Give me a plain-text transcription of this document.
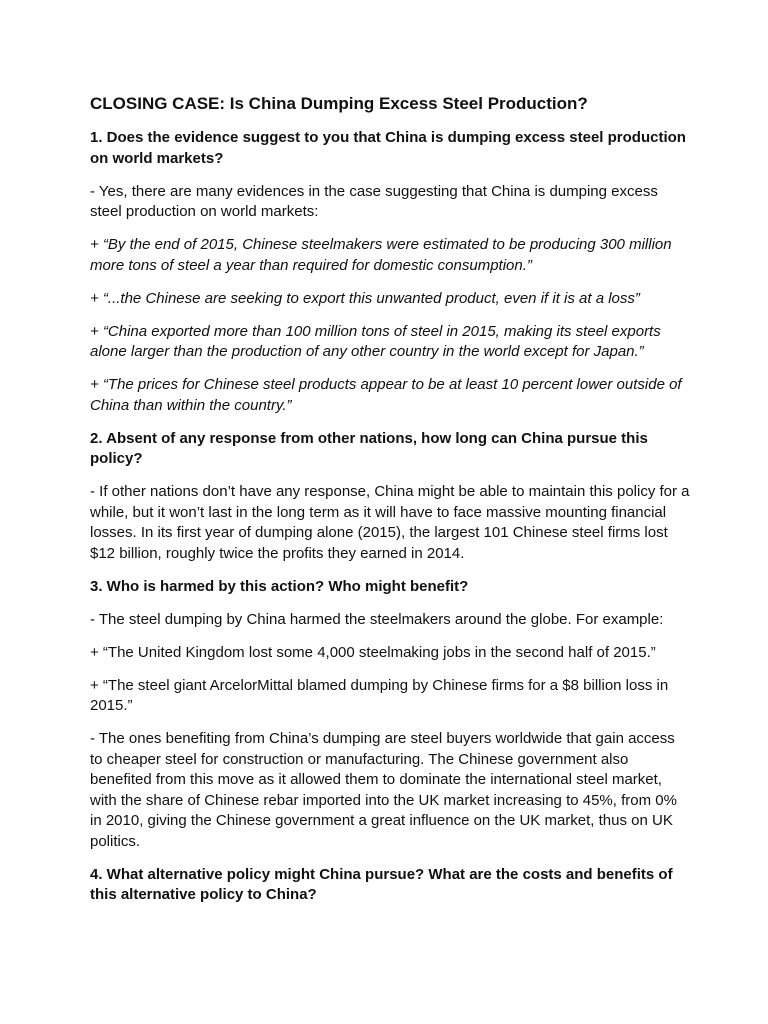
CLOSING CASE: Is China Dumping Excess Steel Production?
1. Does the evidence suggest to you that China is dumping excess steel production on world markets?
- Yes, there are many evidences in the case suggesting that China is dumping excess steel production on world markets:
+ “By the end of 2015, Chinese steelmakers were estimated to be producing 300 million more tons of steel a year than required for domestic consumption.”
+ “...the Chinese are seeking to export this unwanted product, even if it is at a loss”
+ “China exported more than 100 million tons of steel in 2015, making its steel exports alone larger than the production of any other country in the world except for Japan.”
+ “The prices for Chinese steel products appear to be at least 10 percent lower outside of China than within the country.”
2. Absent of any response from other nations, how long can China pursue this policy?
- If other nations don’t have any response, China might be able to maintain this policy for a while, but it won’t last in the long term as it will have to face massive mounting financial losses. In its first year of dumping alone (2015), the largest 101 Chinese steel firms lost $12 billion, roughly twice the profits they earned in 2014.
3. Who is harmed by this action? Who might benefit?
- The steel dumping by China harmed the steelmakers around the globe. For example:
+ “The United Kingdom lost some 4,000 steelmaking jobs in the second half of 2015.”
+ “The steel giant ArcelorMittal blamed dumping by Chinese firms for a $8 billion loss in 2015.”
- The ones benefiting from China’s dumping are steel buyers worldwide that gain access to cheaper steel for construction or manufacturing. The Chinese government also benefited from this move as it allowed them to dominate the international steel market, with the share of Chinese rebar imported into the UK market increasing to 45%, from 0% in 2010, giving the Chinese government a great influence on the UK market, thus on UK politics.
4. What alternative policy might China pursue? What are the costs and benefits of this alternative policy to China?
